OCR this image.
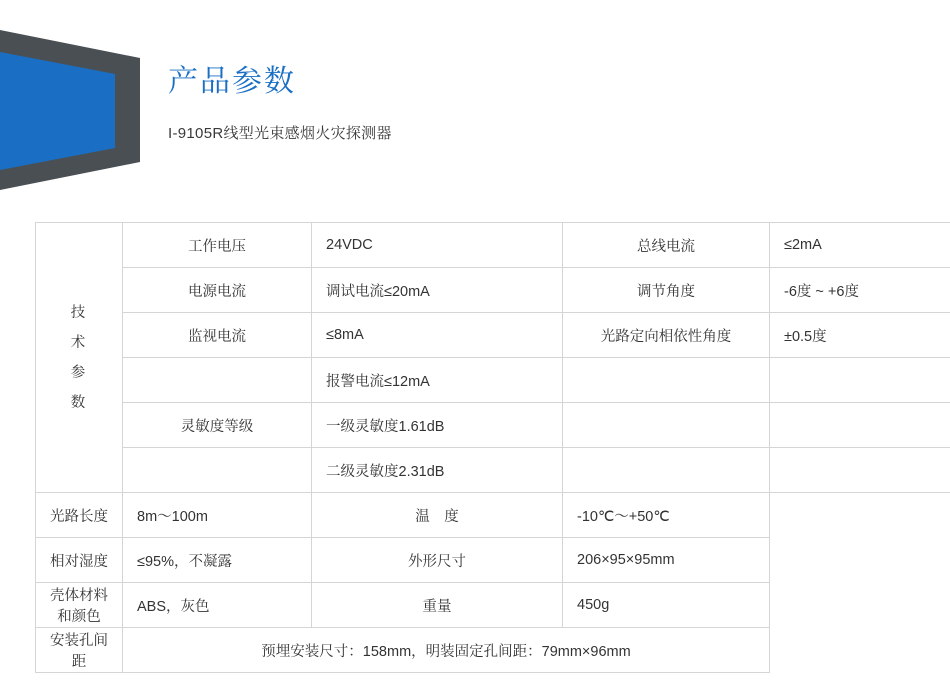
产品参数

I-9105R线型光束感烟火灾探测器

技
术
参
数	工作电压	24VDC	总线电流	≤2mA
	电源电流	调试电流≤20mA	调节角度	-6度 ~ +6度
	监视电流	≤8mA	光路定向相依性角度	±0.5度
		报警电流≤12mA		
	灵敏度等级	一级灵敏度1.61dB		
		二级灵敏度2.31dB		
光路长度	8m～100m	温　度	-10℃～+50℃	
相对湿度	≤95%，不凝露	外形尺寸	206×95×95mm	
壳体材料和颜色	ABS，灰色	重量	450g	
安装孔间距	预埋安装尺寸：158mm，明装固定孔间距：79mm×96mm			
